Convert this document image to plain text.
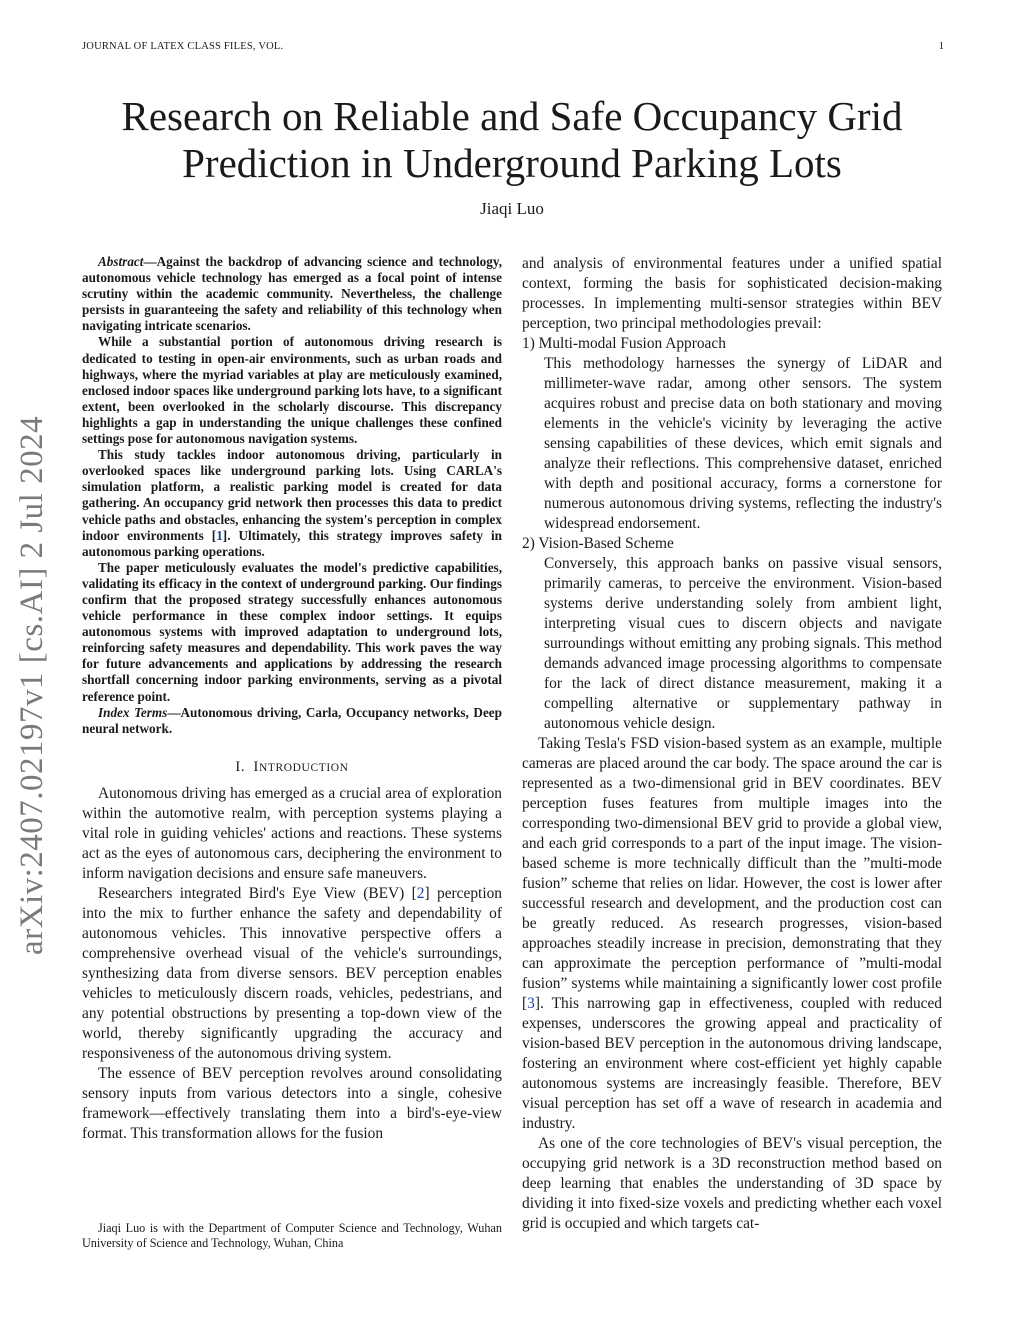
JOURNAL OF LATEX CLASS FILES, VOL.	1
arXiv:2407.02197v1 [cs.AI] 2 Jul 2024
Research on Reliable and Safe Occupancy Grid
Prediction in Underground Parking Lots
Jiaqi Luo

Abstract—Against the backdrop of advancing science and technology, autonomous vehicle technology has emerged as a focal point of intense scrutiny within the academic community. Nevertheless, the challenge persists in guaranteeing the safety and reliability of this technology when navigating intricate scenarios.

While a substantial portion of autonomous driving research is dedicated to testing in open-air environments, such as urban roads and highways, where the myriad variables at play are meticulously examined, enclosed indoor spaces like underground parking lots have, to a significant extent, been overlooked in the scholarly discourse. This discrepancy highlights a gap in understanding the unique challenges these confined settings pose for autonomous navigation systems.

This study tackles indoor autonomous driving, particularly in overlooked spaces like underground parking lots. Using CARLA's simulation platform, a realistic parking model is created for data gathering. An occupancy grid network then processes this data to predict vehicle paths and obstacles, enhancing the system's perception in complex indoor environments [1]. Ultimately, this strategy improves safety in autonomous parking operations.

The paper meticulously evaluates the model's predictive capabilities, validating its efficacy in the context of underground parking. Our findings confirm that the proposed strategy successfully enhances autonomous vehicle performance in these complex indoor settings. It equips autonomous systems with improved adaptation to underground lots, reinforcing safety measures and dependability. This work paves the way for future advancements and applications by addressing the research shortfall concerning indoor parking environments, serving as a pivotal reference point.

Index Terms—Autonomous driving, Carla, Occupancy networks, Deep neural network.

I. INTRODUCTION

Autonomous driving has emerged as a crucial area of exploration within the automotive realm, with perception systems playing a vital role in guiding vehicles' actions and reactions. These systems act as the eyes of autonomous cars, deciphering the environment to inform navigation decisions and ensure safe maneuvers.

Researchers integrated Bird's Eye View (BEV) [2] perception into the mix to further enhance the safety and dependability of autonomous vehicles. This innovative perspective offers a comprehensive overhead visual of the vehicle's surroundings, synthesizing data from diverse sensors. BEV perception enables vehicles to meticulously discern roads, vehicles, pedestrians, and any potential obstructions by presenting a top-down view of the world, thereby significantly upgrading the accuracy and responsiveness of the autonomous driving system.

The essence of BEV perception revolves around consolidating sensory inputs from various detectors into a single, cohesive framework—effectively translating them into a bird's-eye-view format. This transformation allows for the fusion

Jiaqi Luo is with the Department of Computer Science and Technology, Wuhan University of Science and Technology, Wuhan, China

and analysis of environmental features under a unified spatial context, forming the basis for sophisticated decision-making processes. In implementing multi-sensor strategies within BEV perception, two principal methodologies prevail:

1) Multi-modal Fusion Approach

This methodology harnesses the synergy of LiDAR and millimeter-wave radar, among other sensors. The system acquires robust and precise data on both stationary and moving elements in the vehicle's vicinity by leveraging the active sensing capabilities of these devices, which emit signals and analyze their reflections. This comprehensive dataset, enriched with depth and positional accuracy, forms a cornerstone for numerous autonomous driving systems, reflecting the industry's widespread endorsement.

2) Vision-Based Scheme

Conversely, this approach banks on passive visual sensors, primarily cameras, to perceive the environment. Vision-based systems derive understanding solely from ambient light, interpreting visual cues to discern objects and navigate surroundings without emitting any probing signals. This method demands advanced image processing algorithms to compensate for the lack of direct distance measurement, making it a compelling alternative or supplementary pathway in autonomous vehicle design.

Taking Tesla's FSD vision-based system as an example, multiple cameras are placed around the car body. The space around the car is represented as a two-dimensional grid in BEV coordinates. BEV perception fuses features from multiple images into the corresponding two-dimensional BEV grid to provide a global view, and each grid corresponds to a part of the input image. The vision-based scheme is more technically difficult than the ”multi-mode fusion” scheme that relies on lidar. However, the cost is lower after successful research and development, and the production cost can be greatly reduced. As research progresses, vision-based approaches steadily increase in precision, demonstrating that they can approximate the perception performance of ”multi-modal fusion” systems while maintaining a significantly lower cost profile [3]. This narrowing gap in effectiveness, coupled with reduced expenses, underscores the growing appeal and practicality of vision-based BEV perception in the autonomous driving landscape, fostering an environment where cost-efficient yet highly capable autonomous systems are increasingly feasible. Therefore, BEV visual perception has set off a wave of research in academia and industry.

As one of the core technologies of BEV's visual perception, the occupying grid network is a 3D reconstruction method based on deep learning that enables the understanding of 3D space by dividing it into fixed-size voxels and predicting whether each voxel grid is occupied and which targets cat-
